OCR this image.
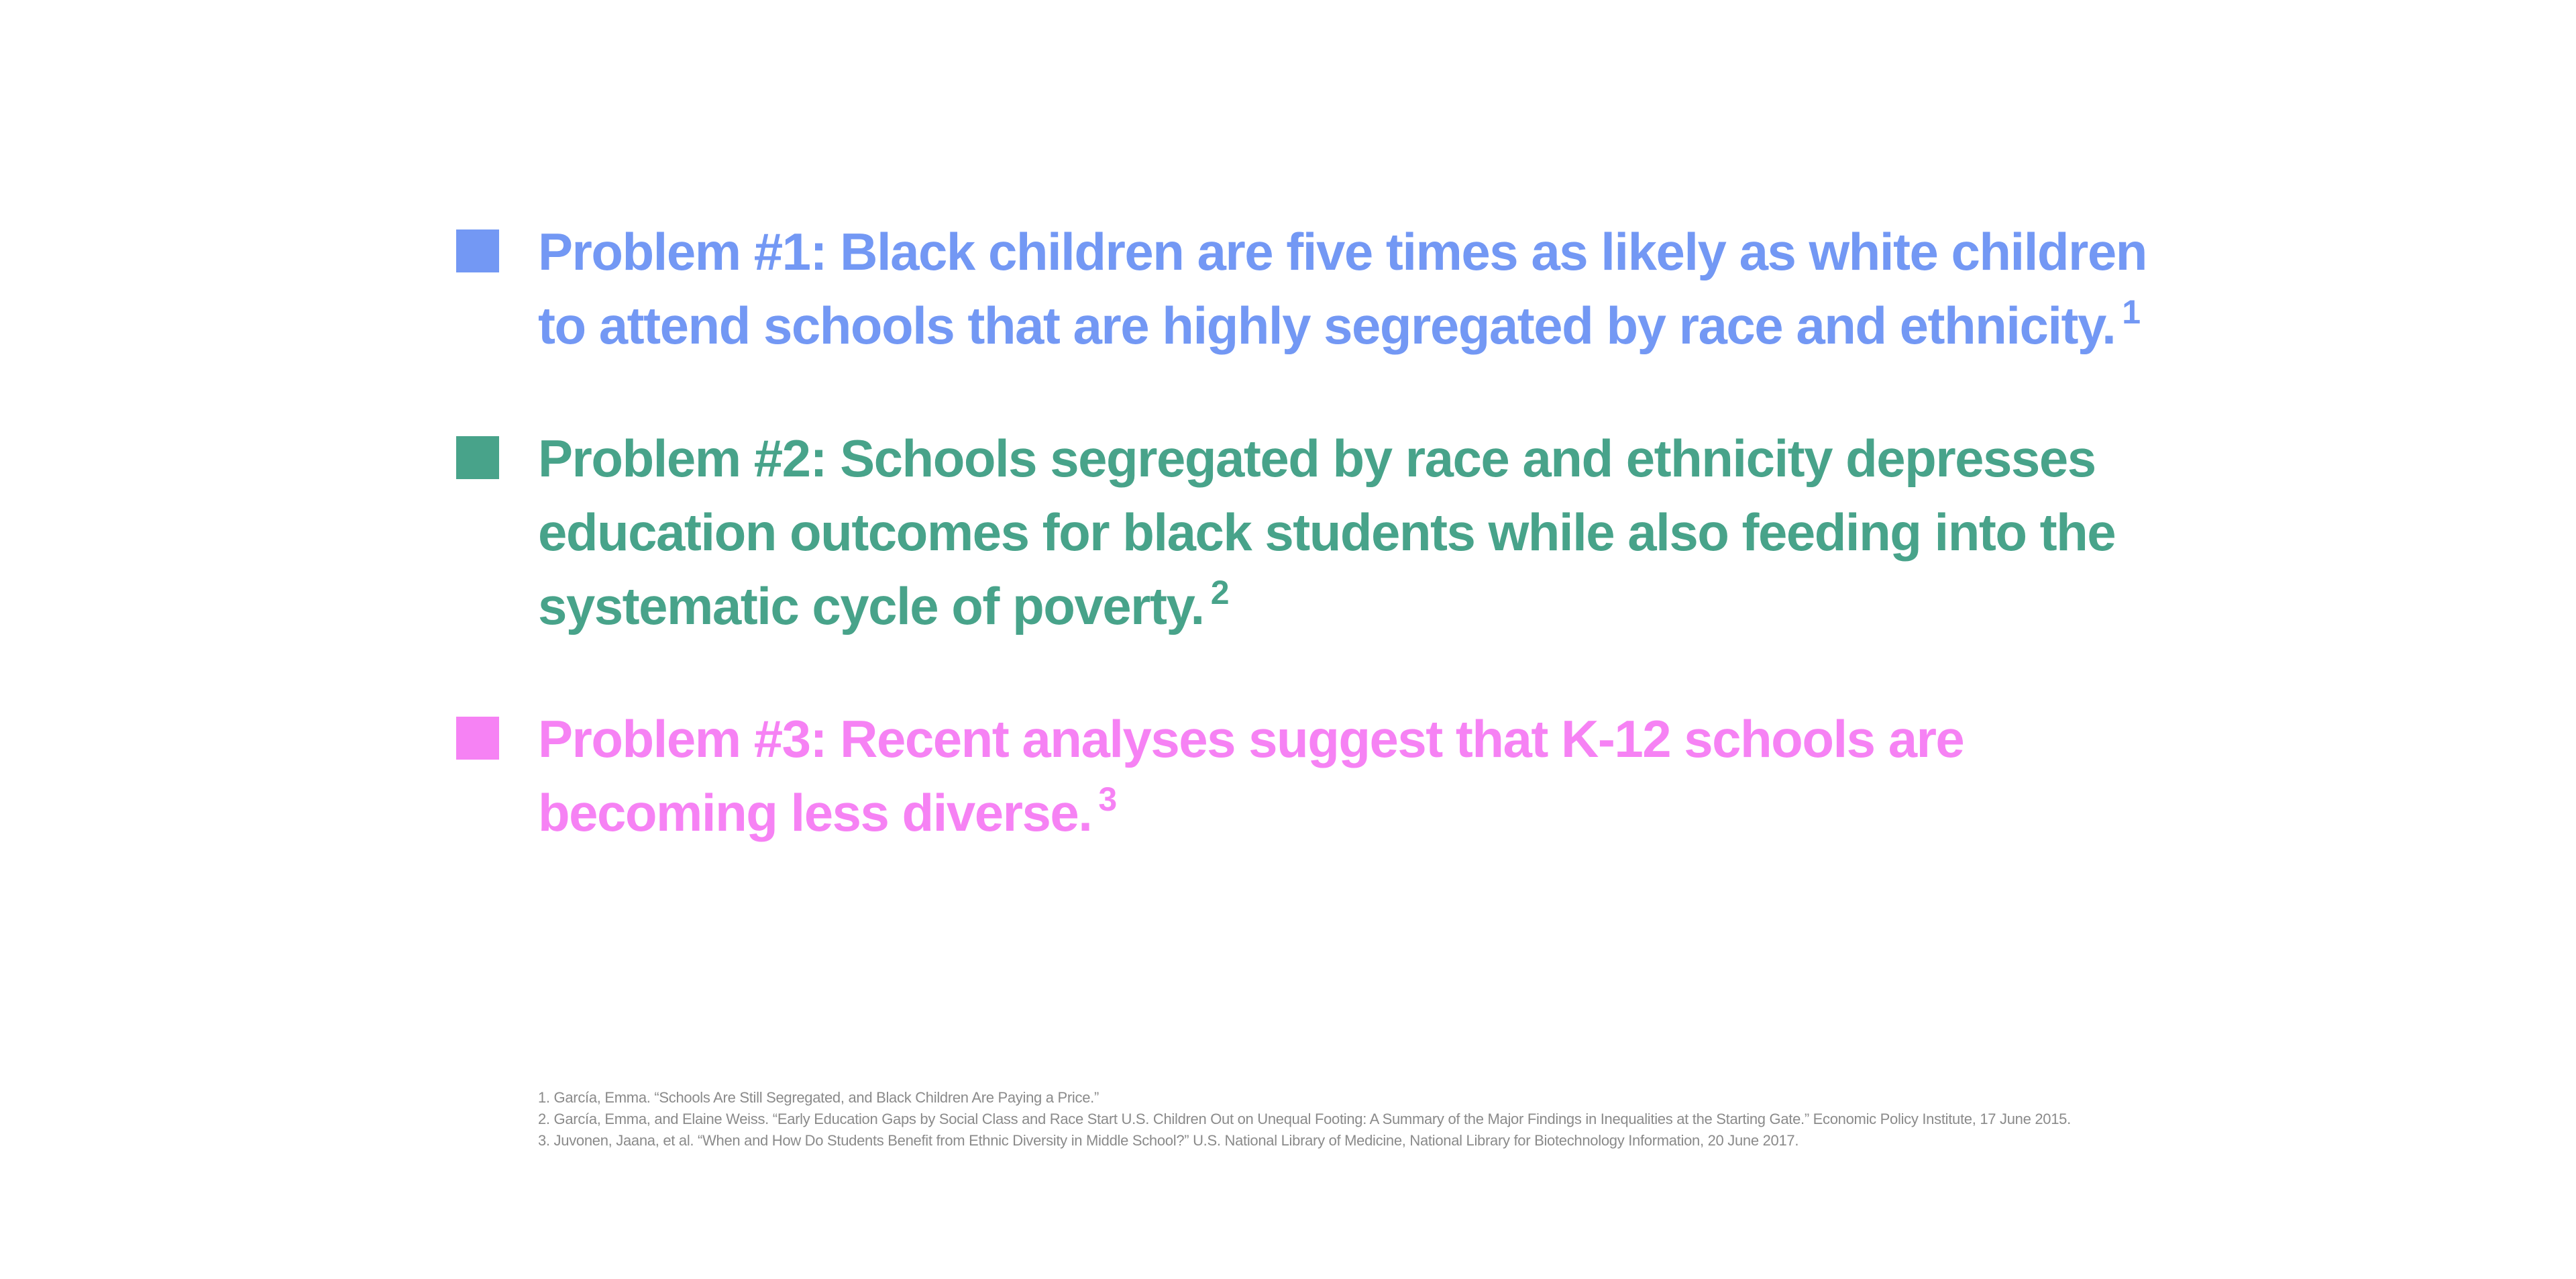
Problem #1: Black children are five times as likely as white children to attend schools that are highly segregated by race and ethnicity. $^1$
Problem #2: Schools segregated by race and ethnicity depresses education outcomes for black students while also feeding into the systematic cycle of poverty. $^2$
Problem #3: Recent analyses suggest that K-12 schools are becoming less diverse. $^3$
1. García, Emma. “Schools Are Still Segregated, and Black Children Are Paying a Price.”
2. García, Emma, and Elaine Weiss. “Early Education Gaps by Social Class and Race Start U.S. Children Out on Unequal Footing: A Summary of the Major Findings in Inequalities at the Starting Gate.” Economic Policy Institute, 17 June 2015.
3. Juvonen, Jaana, et al. “When and How Do Students Benefit from Ethnic Diversity in Middle School?” U.S. National Library of Medicine, National Library for Biotechnology Information, 20 June 2017.
